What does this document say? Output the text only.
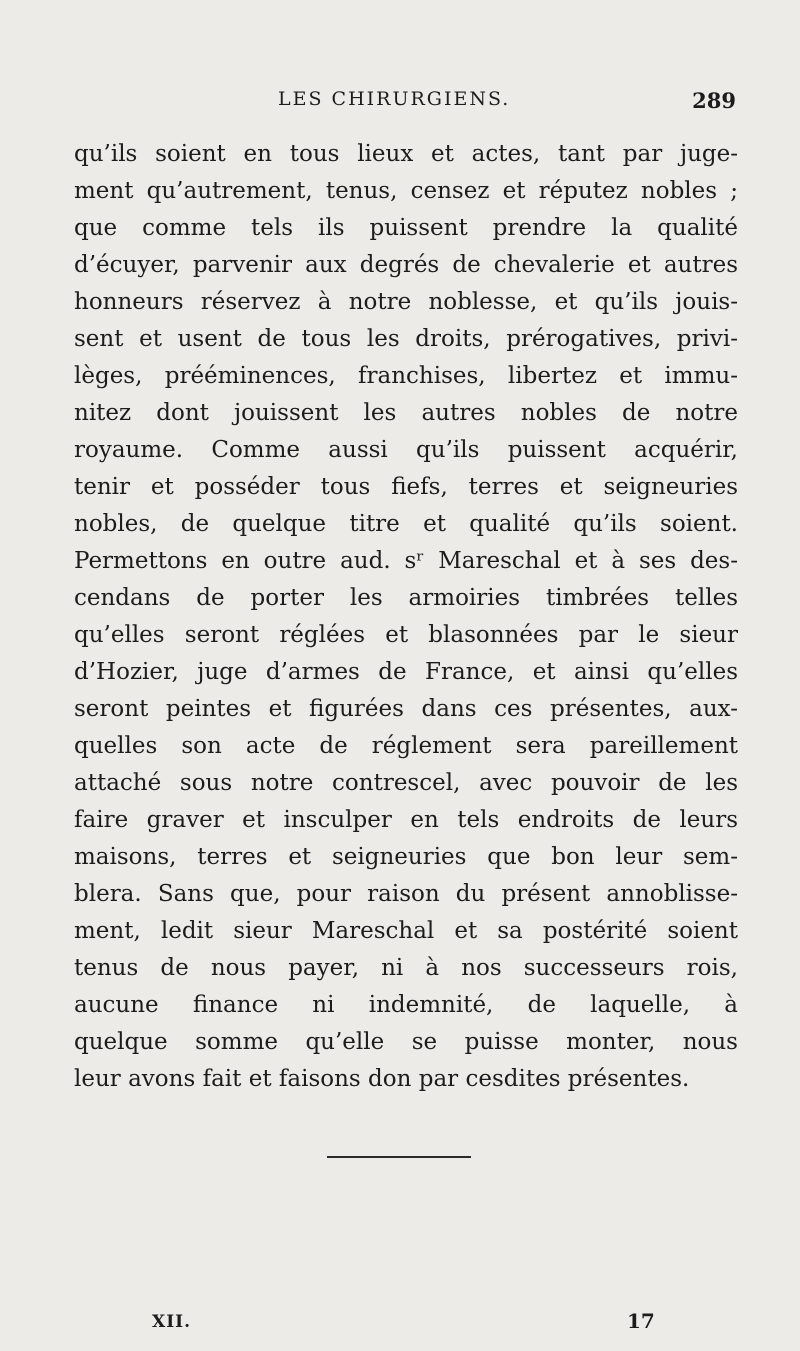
LES CHIRURGIENS.	289
qu’ils soient en tous lieux et actes, tant par juge-
ment qu’autrement, tenus, censez et réputez nobles ;
que comme tels ils puissent prendre la qualité
d’écuyer, parvenir aux degrés de chevalerie et autres
honneurs réservez à notre noblesse, et qu’ils jouis-
sent et usent de tous les droits, prérogatives, privi-
lèges, prééminences, franchises, libertez et immu-
nitez dont jouissent les autres nobles de notre
royaume. Comme aussi qu’ils puissent acquérir,
tenir et posséder tous fiefs, terres et seigneuries
nobles, de quelque titre et qualité qu’ils soient.
Permettons en outre aud. sʳ Mareschal et à ses des-
cendans de porter les armoiries timbrées telles
qu’elles seront réglées et blasonnées par le sieur
d’Hozier, juge d’armes de France, et ainsi qu’elles
seront peintes et figurées dans ces présentes, aux-
quelles son acte de réglement sera pareillement
attaché sous notre contrescel, avec pouvoir de les
faire graver et insculper en tels endroits de leurs
maisons, terres et seigneuries que bon leur sem-
blera. Sans que, pour raison du présent annoblisse-
ment, ledit sieur Mareschal et sa postérité soient
tenus de nous payer, ni à nos successeurs rois,
aucune finance ni indemnité, de laquelle, à
quelque somme qu’elle se puisse monter, nous
leur avons fait et faisons don par cesdites présentes.
XII.	17
